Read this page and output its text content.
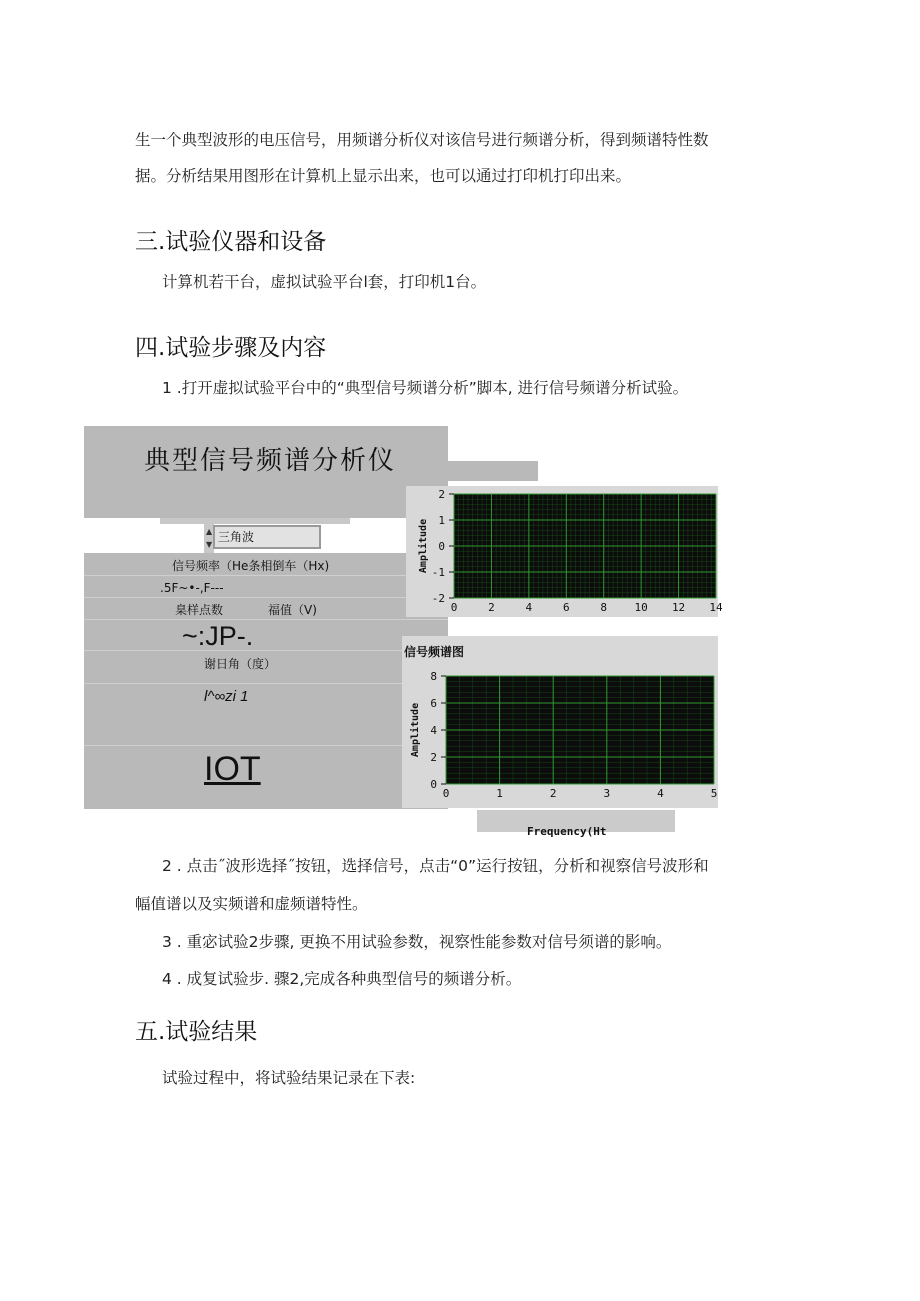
生一个典型波形的电压信号，用频谱分析仪对该信号进行频谱分析，得到频谱特性数
据。分析结果用图形在计算机上显示出来，也可以通过打印机打印出来。
三.试验仪器和设备
计算机若干台，虚拟试验平台l套，打印机1台。
四.试验步骤及内容
1 .打开虚拟试验平台中的“典型信号频谱分析”脚本, 进行信号频谱分析试验。
典型信号频谱分析仪
▲
▼
三角波
信号频率（He条相倒车（Hx)
.5F~•-,F---
臬样点数	福值（V)
~:JP-.
谢日角（度）
l^∞zi 1
IOT
0	2	4	6	8 10 12 14
2
1
0
-1
-2
Amplitude
信号频谱图
0	1	2	3	4	5
8
6
4
2
0
Amplitude
Frequency(Ht
2 . 点击˝波形选择˝按钮，选择信号，点击“0”运行按钮，分析和视察信号波形和
幅值谱以及实频谱和虚频谱特性。
3 . 重宓试验2步骤, 更换不用试验参数，视察性能参数对信号须谱的影响。
4 . 成复试验步. 骤2,完成各种典型信号的频谱分析。
五.试验结果
试验过程中，将试验结果记录在下表:
